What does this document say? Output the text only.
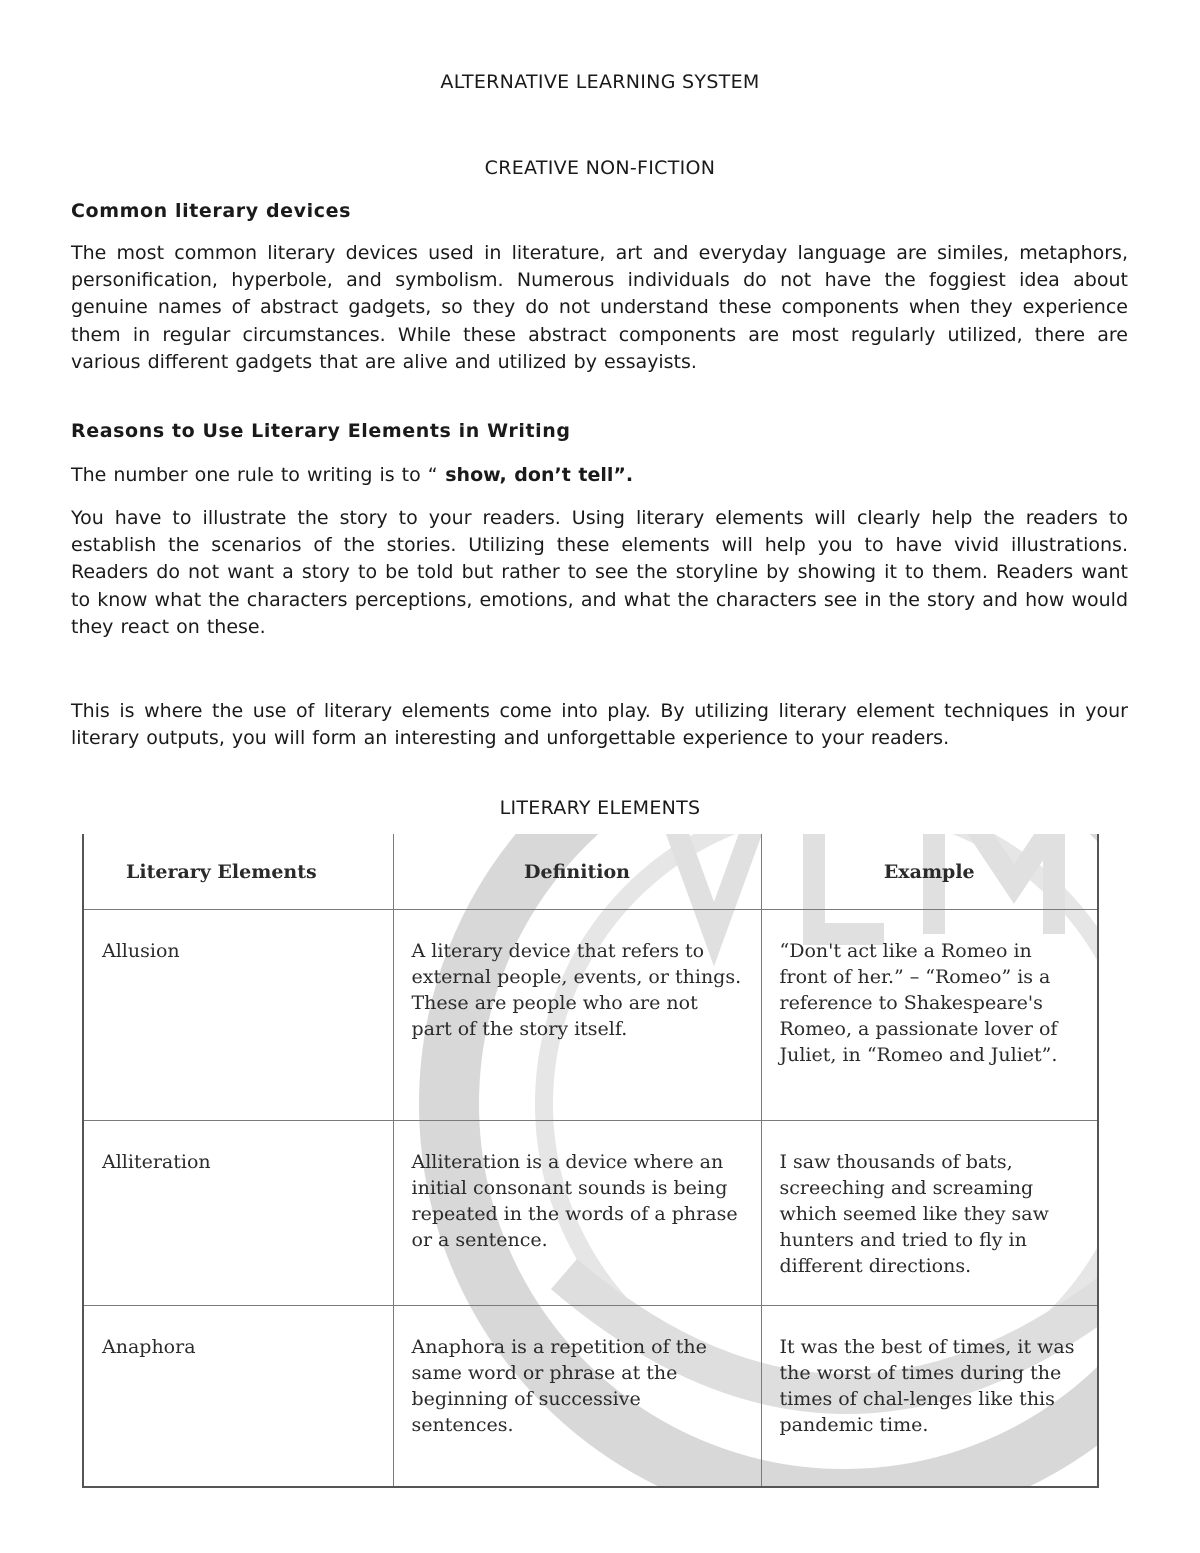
ALTERNATIVE LEARNING SYSTEM
CREATIVE NON-FICTION
Common literary devices

The most common literary devices used in literature, art and everyday language are similes, metaphors, personification, hyperbole, and symbolism. Numerous individuals do not have the foggiest idea about genuine names of abstract gadgets, so they do not understand these components when they experience them in regular circumstances. While these abstract components are most regularly utilized, there are various different gadgets that are alive and utilized by essayists.

Reasons to Use Literary Elements in Writing

The number one rule to writing is to “ show, don’t tell”.

You have to illustrate the story to your readers. Using literary elements will clearly help the readers to establish the scenarios of the stories. Utilizing these elements will help you to have vivid illustrations. Readers do not want a story to be told but rather to see the storyline by showing it to them. Readers want to know what the characters perceptions, emotions, and what the characters see in the story and how would they react on these.

This is where the use of literary elements come into play. By utilizing literary element techniques in your literary outputs, you will form an interesting and unforgettable experience to your readers.

LITERARY ELEMENTS
Literary Elements	Definition	Example
Allusion	A literary device that refers to external people, events, or things. These are people who are not part of the story itself.	“Don't act like a Romeo in front of her.” – “Romeo” is a reference to Shakespeare's Romeo, a passionate lover of Juliet, in “Romeo and Juliet”.
Alliteration	Alliteration is a device where an initial consonant sounds is being repeated in the words of a phrase or a sentence.	I saw thousands of bats, screeching and screaming which seemed like they saw hunters and tried to fly in different directions.
Anaphora	Anaphora is a repetition of the same word or phrase at the beginning of successive sentences.	It was the best of times, it was the worst of times during the times of chal-lenges like this pandemic time.
